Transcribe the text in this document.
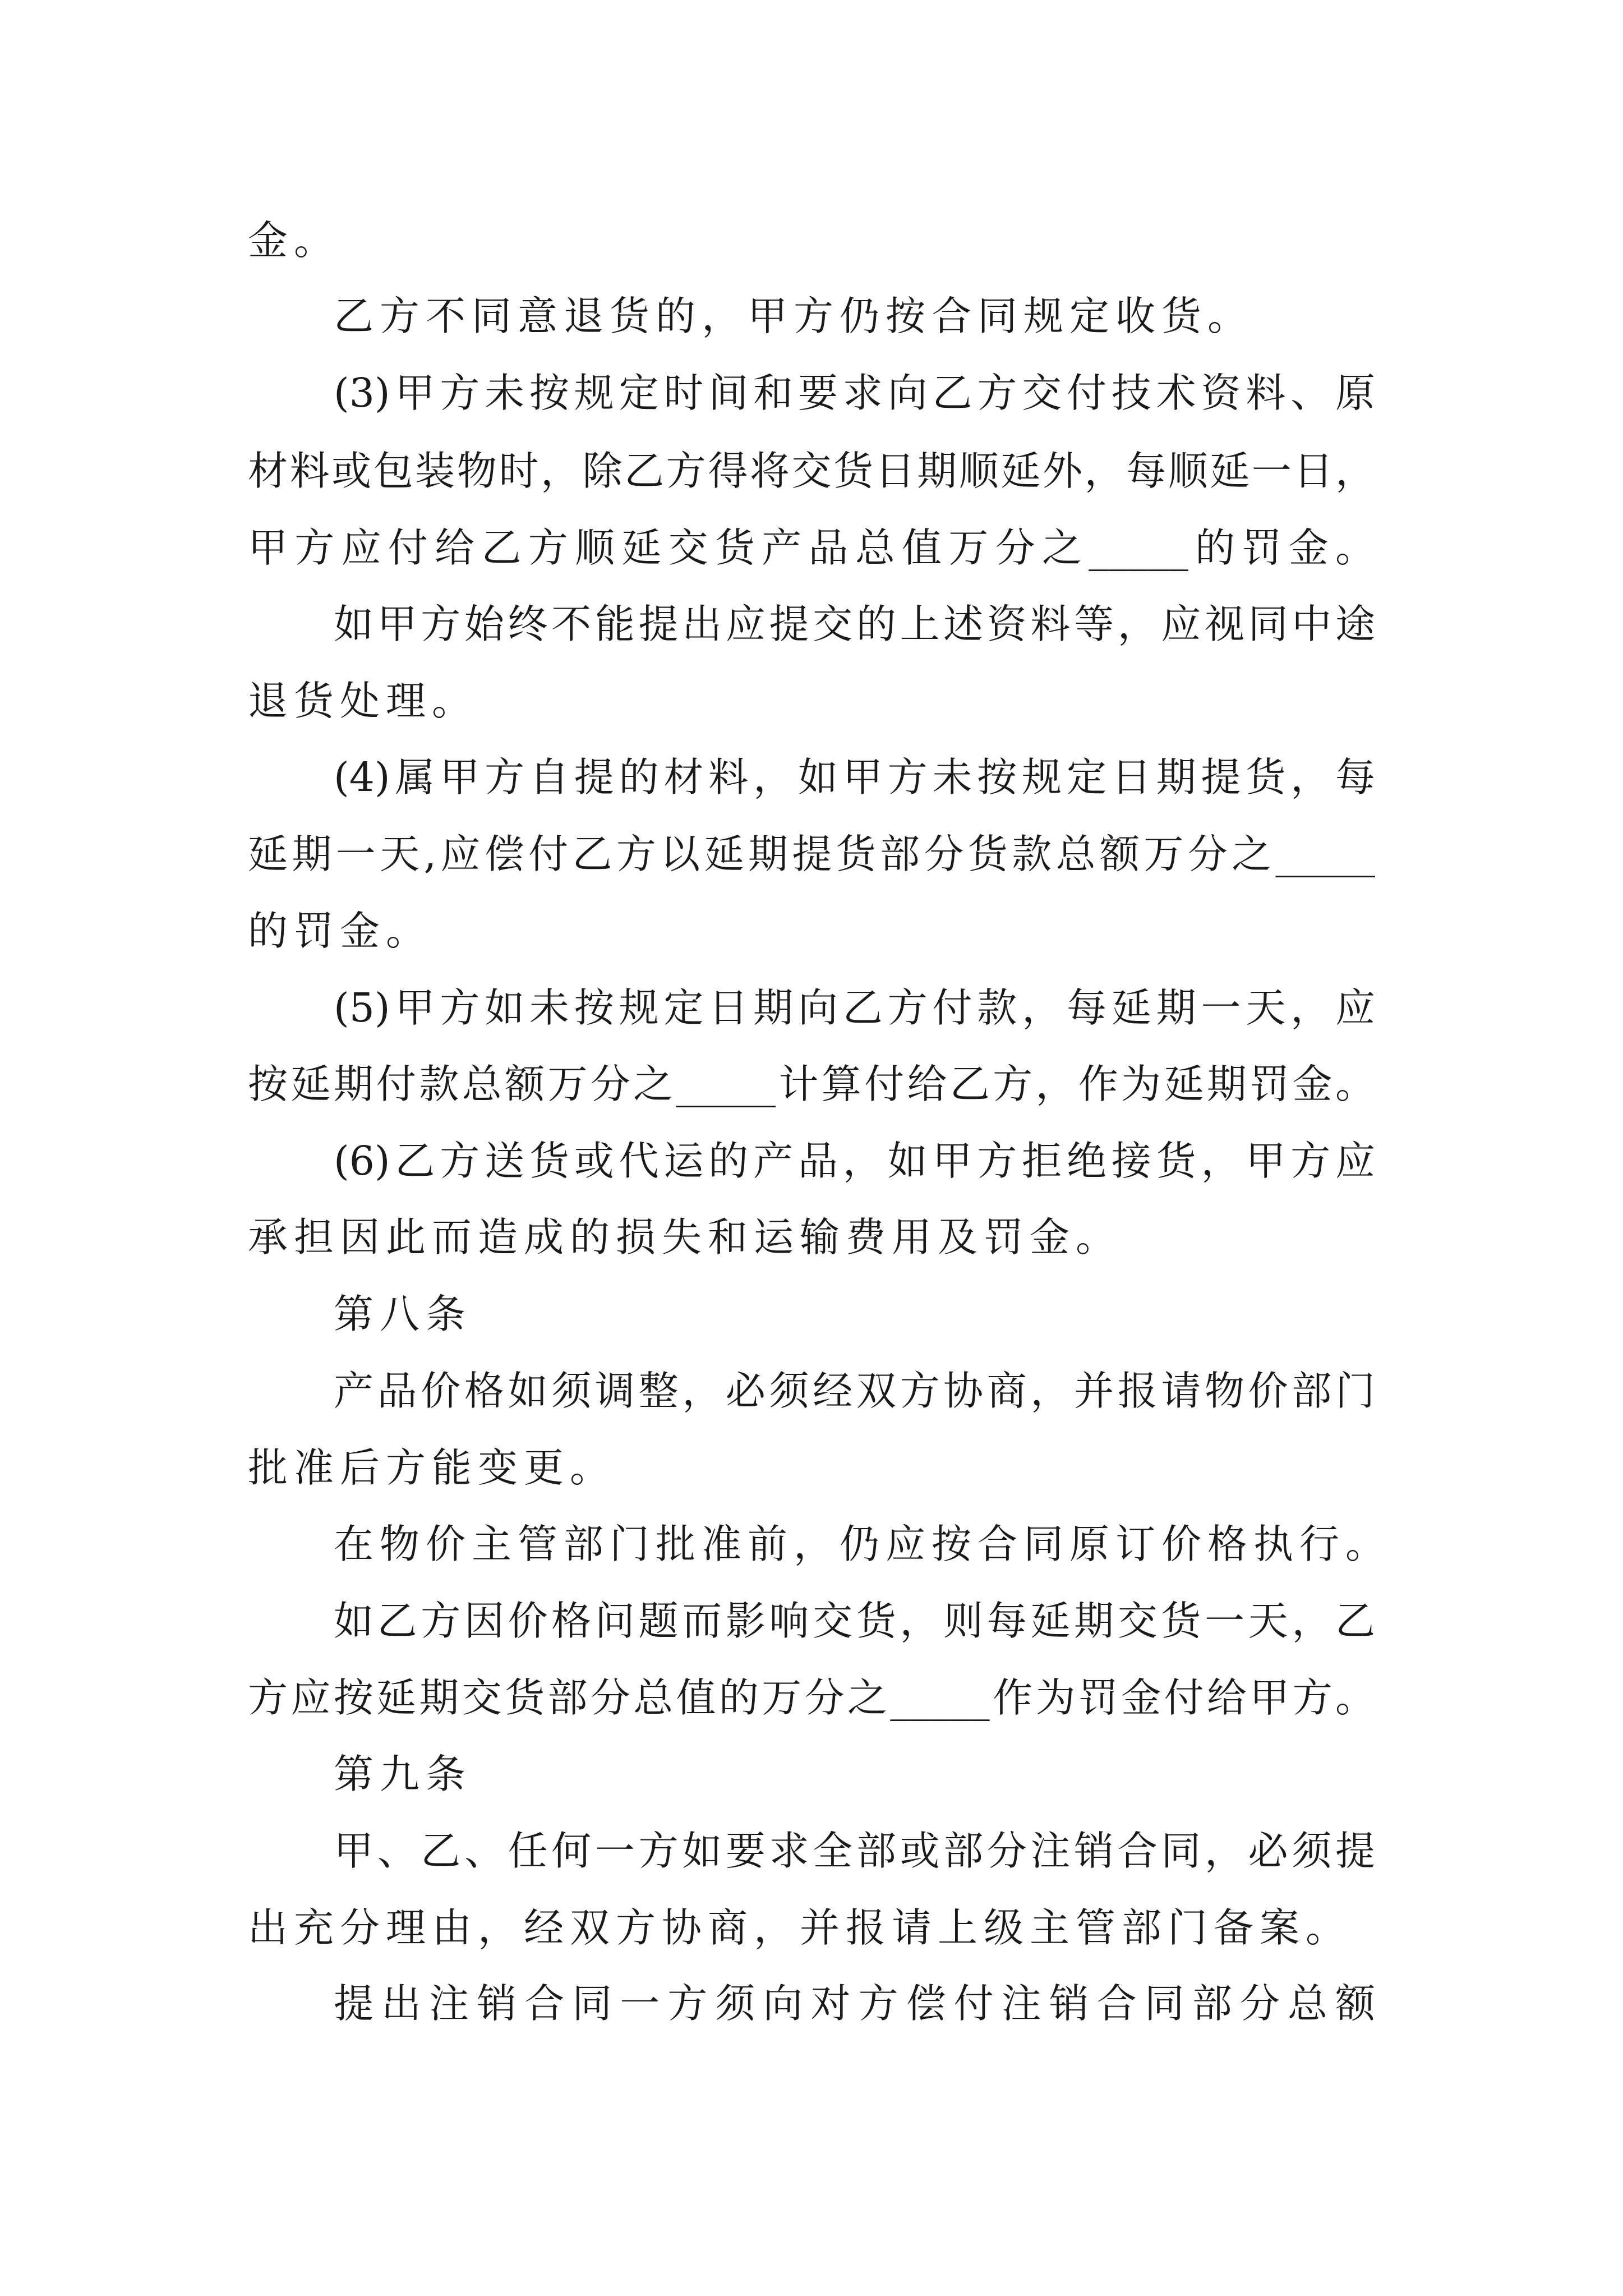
金。
乙方不同意退货的，甲方仍按合同规定收货。
(3)甲方未按规定时间和要求向乙方交付技术资料、原
材料或包装物时，除乙方得将交货日期顺延外，每顺延一日，
甲方应付给乙方顺延交货产品总值万分之_____的罚金。
如甲方始终不能提出应提交的上述资料等，应视同中途
退货处理。
(4)属甲方自提的材料，如甲方未按规定日期提货，每
延期一天,应偿付乙方以延期提货部分货款总额万分之_____
的罚金。
(5)甲方如未按规定日期向乙方付款，每延期一天，应
按延期付款总额万分之_____计算付给乙方，作为延期罚金。
(6)乙方送货或代运的产品，如甲方拒绝接货，甲方应
承担因此而造成的损失和运输费用及罚金。
第八条
产品价格如须调整，必须经双方协商，并报请物价部门
批准后方能变更。
在物价主管部门批准前，仍应按合同原订价格执行。
如乙方因价格问题而影响交货，则每延期交货一天，乙
方应按延期交货部分总值的万分之_____作为罚金付给甲方。
第九条
甲、乙、任何一方如要求全部或部分注销合同，必须提
出充分理由，经双方协商，并报请上级主管部门备案。
提出注销合同一方须向对方偿付注销合同部分总额
